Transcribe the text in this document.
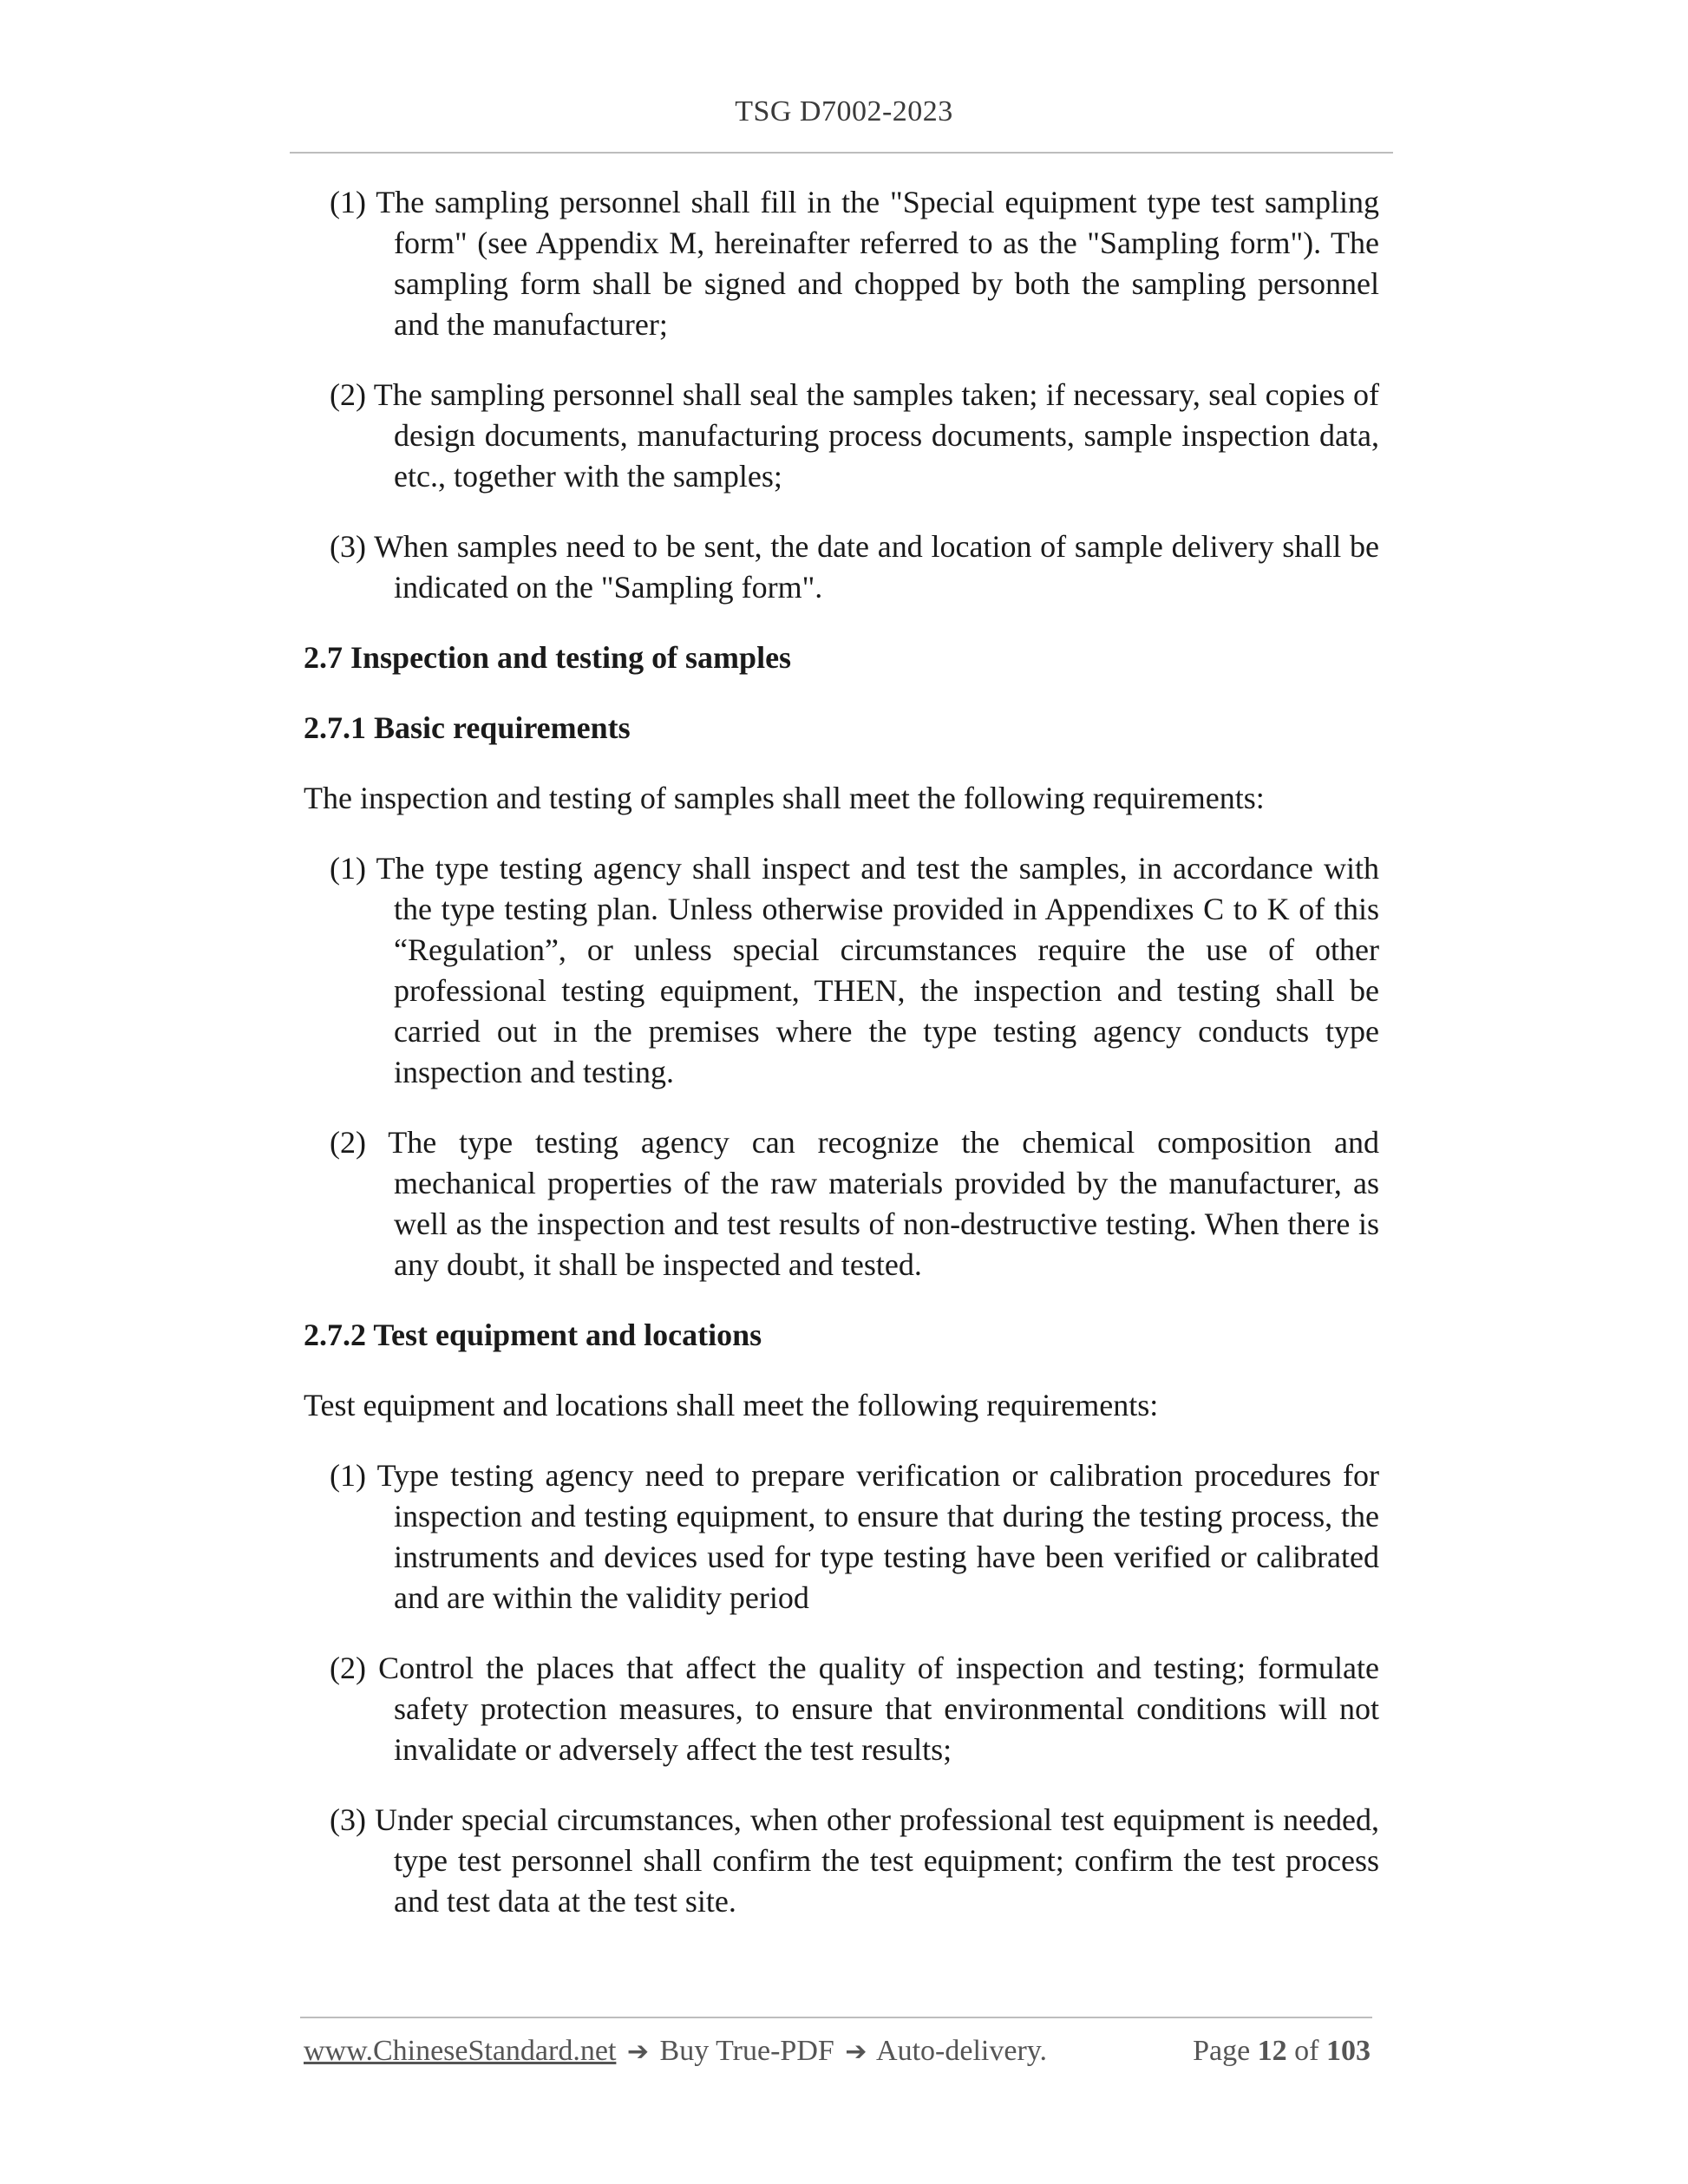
TSG D7002-2023

(1) The sampling personnel shall fill in the "Special equipment type test sampling form" (see Appendix M, hereinafter referred to as the "Sampling form"). The sampling form shall be signed and chopped by both the sampling personnel and the manufacturer;

(2) The sampling personnel shall seal the samples taken; if necessary, seal copies of design documents, manufacturing process documents, sample inspection data, etc., together with the samples;

(3) When samples need to be sent, the date and location of sample delivery shall be indicated on the "Sampling form".

2.7 Inspection and testing of samples

2.7.1 Basic requirements

The inspection and testing of samples shall meet the following requirements:

(1) The type testing agency shall inspect and test the samples, in accordance with the type testing plan. Unless otherwise provided in Appendixes C to K of this “Regulation”, or unless special circumstances require the use of other professional testing equipment, THEN, the inspection and testing shall be carried out in the premises where the type testing agency conducts type inspection and testing.

(2) The type testing agency can recognize the chemical composition and mechanical properties of the raw materials provided by the manufacturer, as well as the inspection and test results of non-destructive testing. When there is any doubt, it shall be inspected and tested.

2.7.2 Test equipment and locations

Test equipment and locations shall meet the following requirements:

(1) Type testing agency need to prepare verification or calibration procedures for inspection and testing equipment, to ensure that during the testing process, the instruments and devices used for type testing have been verified or calibrated and are within the validity period

(2) Control the places that affect the quality of inspection and testing; formulate safety protection measures, to ensure that environmental conditions will not invalidate or adversely affect the test results;

(3) Under special circumstances, when other professional test equipment is needed, type test personnel shall confirm the test equipment; confirm the test process and test data at the test site.

www.ChineseStandard.net ➔ Buy True-PDF ➔ Auto-delivery.	Page 12 of 103
